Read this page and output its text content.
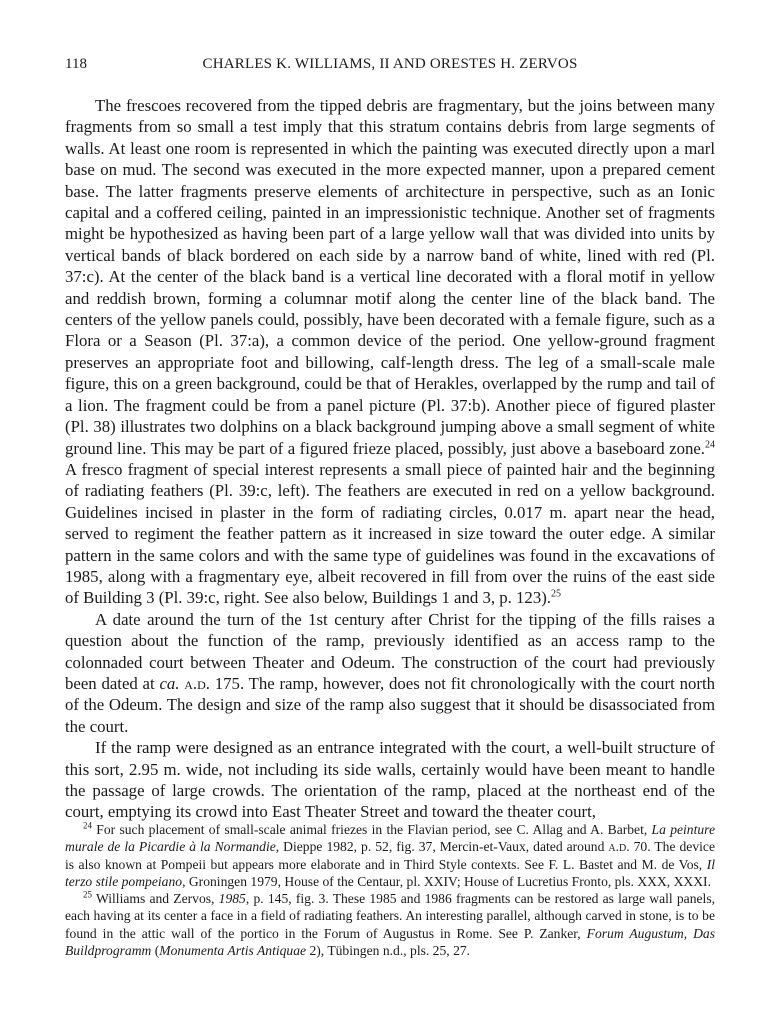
118	CHARLES K. WILLIAMS, II AND ORESTES H. ZERVOS

The frescoes recovered from the tipped debris are fragmentary, but the joins between many fragments from so small a test imply that this stratum contains debris from large segments of walls. At least one room is represented in which the painting was executed directly upon a marl base on mud. The second was executed in the more expected manner, upon a prepared cement base. The latter fragments preserve elements of architecture in perspective, such as an Ionic capital and a coffered ceiling, painted in an impressionistic technique. Another set of fragments might be hypothesized as having been part of a large yellow wall that was divided into units by vertical bands of black bordered on each side by a narrow band of white, lined with red (Pl. 37:c). At the center of the black band is a vertical line decorated with a floral motif in yellow and reddish brown, forming a columnar motif along the center line of the black band. The centers of the yellow panels could, possibly, have been decorated with a female figure, such as a Flora or a Season (Pl. 37:a), a common device of the period. One yellow-ground fragment preserves an appropriate foot and billowing, calf-length dress. The leg of a small-scale male figure, this on a green background, could be that of Herakles, overlapped by the rump and tail of a lion. The fragment could be from a panel picture (Pl. 37:b). Another piece of figured plaster (Pl. 38) illustrates two dolphins on a black background jumping above a small segment of white ground line. This may be part of a figured frieze placed, possibly, just above a baseboard zone.$^{24}$ A fresco fragment of special interest represents a small piece of painted hair and the beginning of radiating feathers (Pl. 39:c, left). The feathers are executed in red on a yellow background. Guidelines incised in plaster in the form of radiating circles, 0.017 m. apart near the head, served to regiment the feather pattern as it increased in size toward the outer edge. A similar pattern in the same colors and with the same type of guidelines was found in the excavations of 1985, along with a fragmentary eye, albeit recovered in fill from over the ruins of the east side of Building 3 (Pl. 39:c, right. See also below, Buildings 1 and 3, p. 123).$^{25}$

A date around the turn of the 1st century after Christ for the tipping of the fills raises a question about the function of the ramp, previously identified as an access ramp to the colonnaded court between Theater and Odeum. The construction of the court had previously been dated at ca. a.d. 175. The ramp, however, does not fit chronologically with the court north of the Odeum. The design and size of the ramp also suggest that it should be disassociated from the court.

If the ramp were designed as an entrance integrated with the court, a well-built structure of this sort, 2.95 m. wide, not including its side walls, certainly would have been meant to handle the passage of large crowds. The orientation of the ramp, placed at the northeast end of the court, emptying its crowd into East Theater Street and toward the theater court,

$^{24}$ For such placement of small-scale animal friezes in the Flavian period, see C. Allag and A. Barbet, La peinture murale de la Picardie à la Normandie, Dieppe 1982, p. 52, fig. 37, Mercin-et-Vaux, dated around a.d. 70. The device is also known at Pompeii but appears more elaborate and in Third Style contexts. See F. L. Bastet and M. de Vos, Il terzo stile pompeiano, Groningen 1979, House of the Centaur, pl. XXIV; House of Lucretius Fronto, pls. XXX, XXXI.

$^{25}$ Williams and Zervos, 1985, p. 145, fig. 3. These 1985 and 1986 fragments can be restored as large wall panels, each having at its center a face in a field of radiating feathers. An interesting parallel, although carved in stone, is to be found in the attic wall of the portico in the Forum of Augustus in Rome. See P. Zanker, Forum Augustum, Das Buildprogramm (Monumenta Artis Antiquae 2), Tübingen n.d., pls. 25, 27.
